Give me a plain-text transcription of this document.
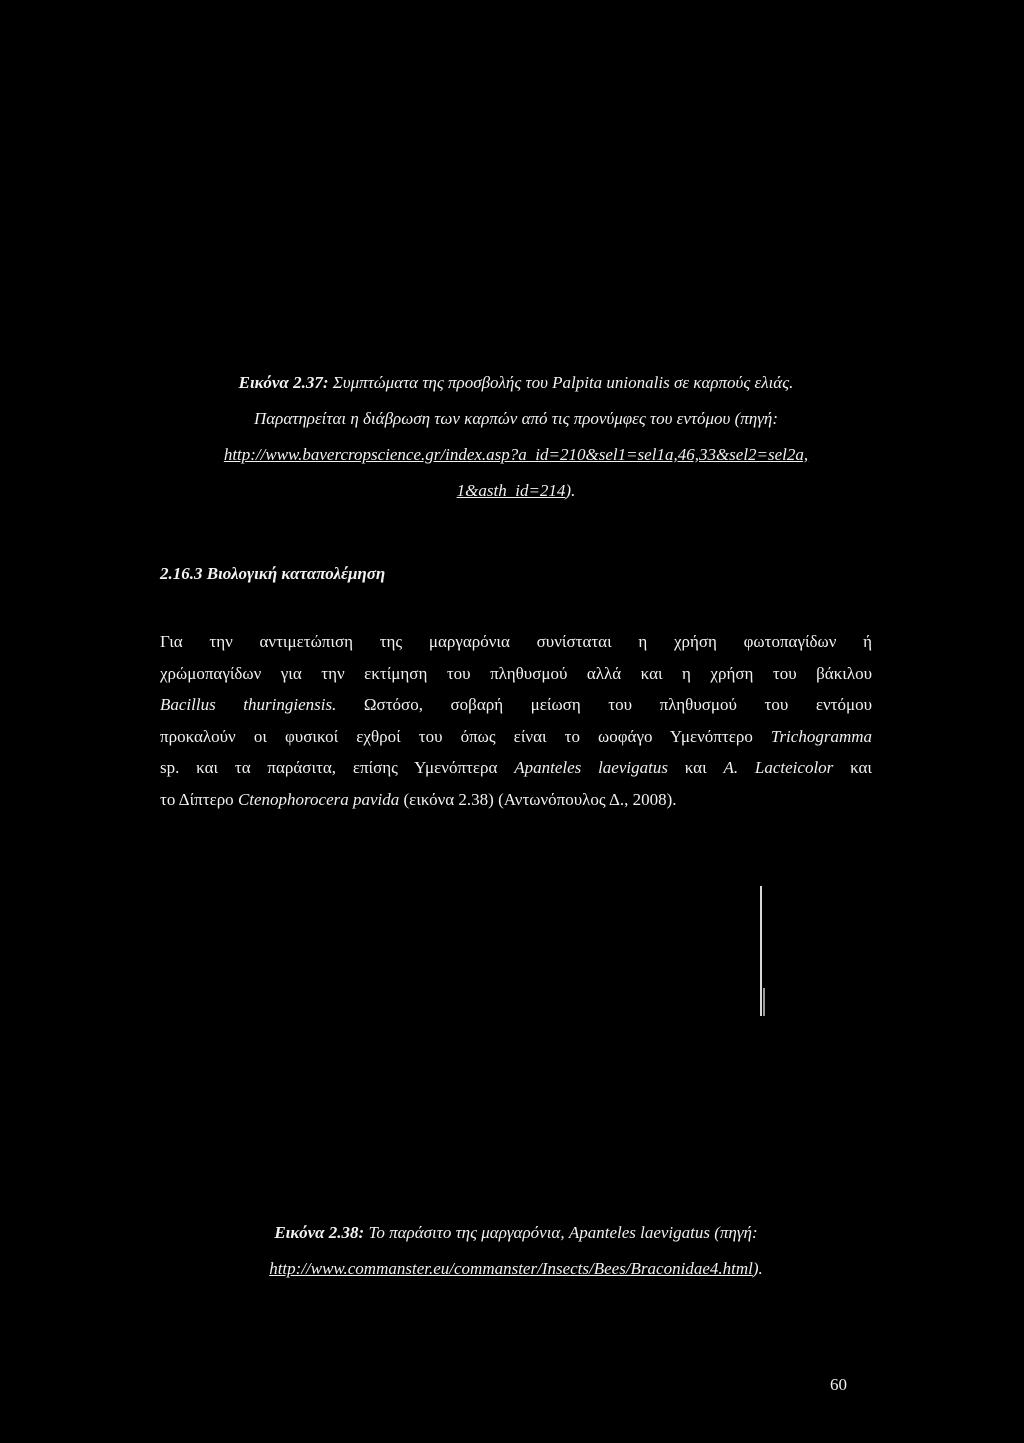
Εικόνα 2.37: Συμπτώματα της προσβολής του Palpita unionalis σε καρπούς ελιάς.
Παρατηρείται η διάβρωση των καρπών από τις προνύμφες του εντόμου (πηγή:
http://www.bavercropscience.gr/index.asp?a_id=210&sel1=sel1a,46,33&sel2=sel2a,
1&asth_id=214).
2.16.3 Βιολογική καταπολέμηση
Για την αντιμετώπιση της μαργαρόνια συνίσταται η χρήση φωτοπαγίδων ή
χρώμοπαγίδων για την εκτίμηση του πληθυσμού αλλά και η χρήση του βάκιλου
Bacillus thuringiensis. Ωστόσο, σοβαρή μείωση του πληθυσμού του εντόμου
προκαλούν οι φυσικοί εχθροί του όπως είναι το ωοφάγο Υμενόπτερο Trichogramma
sp. και τα παράσιτα, επίσης Υμενόπτερα Apanteles laevigatus και A. Lacteicolor και
το Δίπτερο Ctenophorocera pavida (εικόνα 2.38) (Αντωνόπουλος Δ., 2008).
Εικόνα 2.38: Το παράσιτο της μαργαρόνια, Apanteles laevigatus (πηγή:
http://www.commanster.eu/commanster/Insects/Bees/Braconidae4.html).
60
